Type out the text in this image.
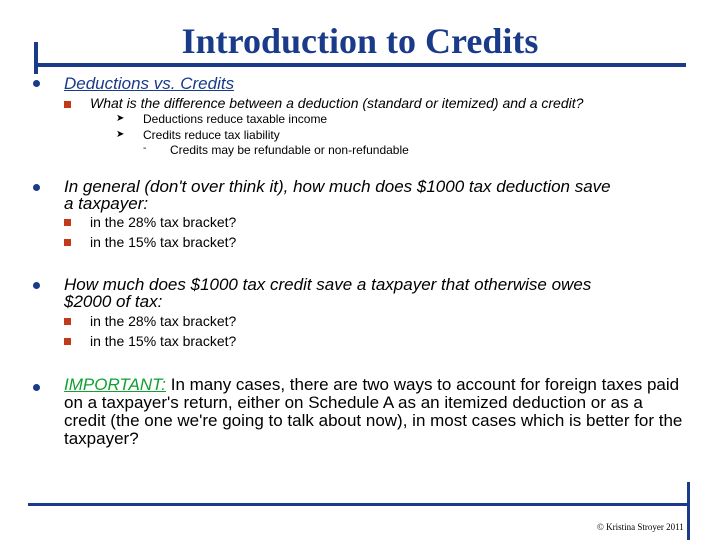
Introduction to Credits
Deductions vs. Credits
What is the difference between a deduction (standard or itemized) and a credit?
➤ Deductions reduce taxable income
➤ Credits reduce tax liability
- Credits may be refundable or non-refundable
In general (don't over think it), how much does $1000 tax deduction save
a taxpayer:
in the 28% tax bracket?
in the 15% tax bracket?
How much does $1000 tax credit save a taxpayer that otherwise owes
$2000 of tax:
in the 28% tax bracket?
in the 15% tax bracket?
IMPORTANT: In many cases, there are two ways to account for foreign taxes paid on a taxpayer's return, either on Schedule A as an itemized deduction or as a credit (the one we're going to talk about now), in most cases which is better for the taxpayer?
© Kristina Stroyer 2011
